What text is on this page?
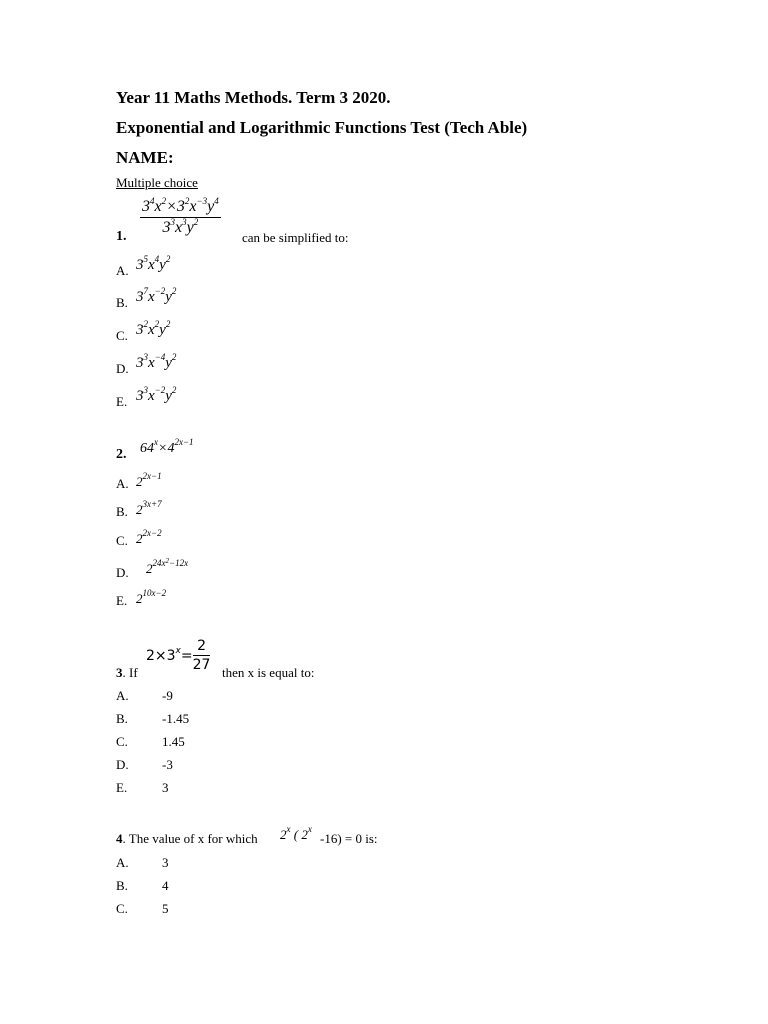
Year 11 Maths Methods. Term 3 2020.
Exponential and Logarithmic Functions Test (Tech Able)
NAME:
Multiple choice
$\frac{3^4x^2\times 3^2x^{-3}y^4}{3^3x^3y^2}$
1.	can be simplified to:
A. $3^5x^4y^2$
B. $3^7x^{-2}y^2$
C. $3^2x^2y^2$
D. $3^3x^{-4}y^2$
E. $3^3x^{-2}y^2$
2. $64^x\times 4^{2x-1}$
A. $2^{2x-1}$
B. $2^{3x+7}$
C. $2^{2x-2}$
D. $2^{24x^2-12x}$
E. $2^{10x-2}$
$2\times 3^x= \frac{2}{27}$
3. If	then x is equal to:
A.	-9
B.	-1.45
C.	1.45
D.	-3
E.	3
4. The value of x for which 2$^x$ ( 2$^x$
-16) = 0 is:
A.	3
B.	4
C.	5
